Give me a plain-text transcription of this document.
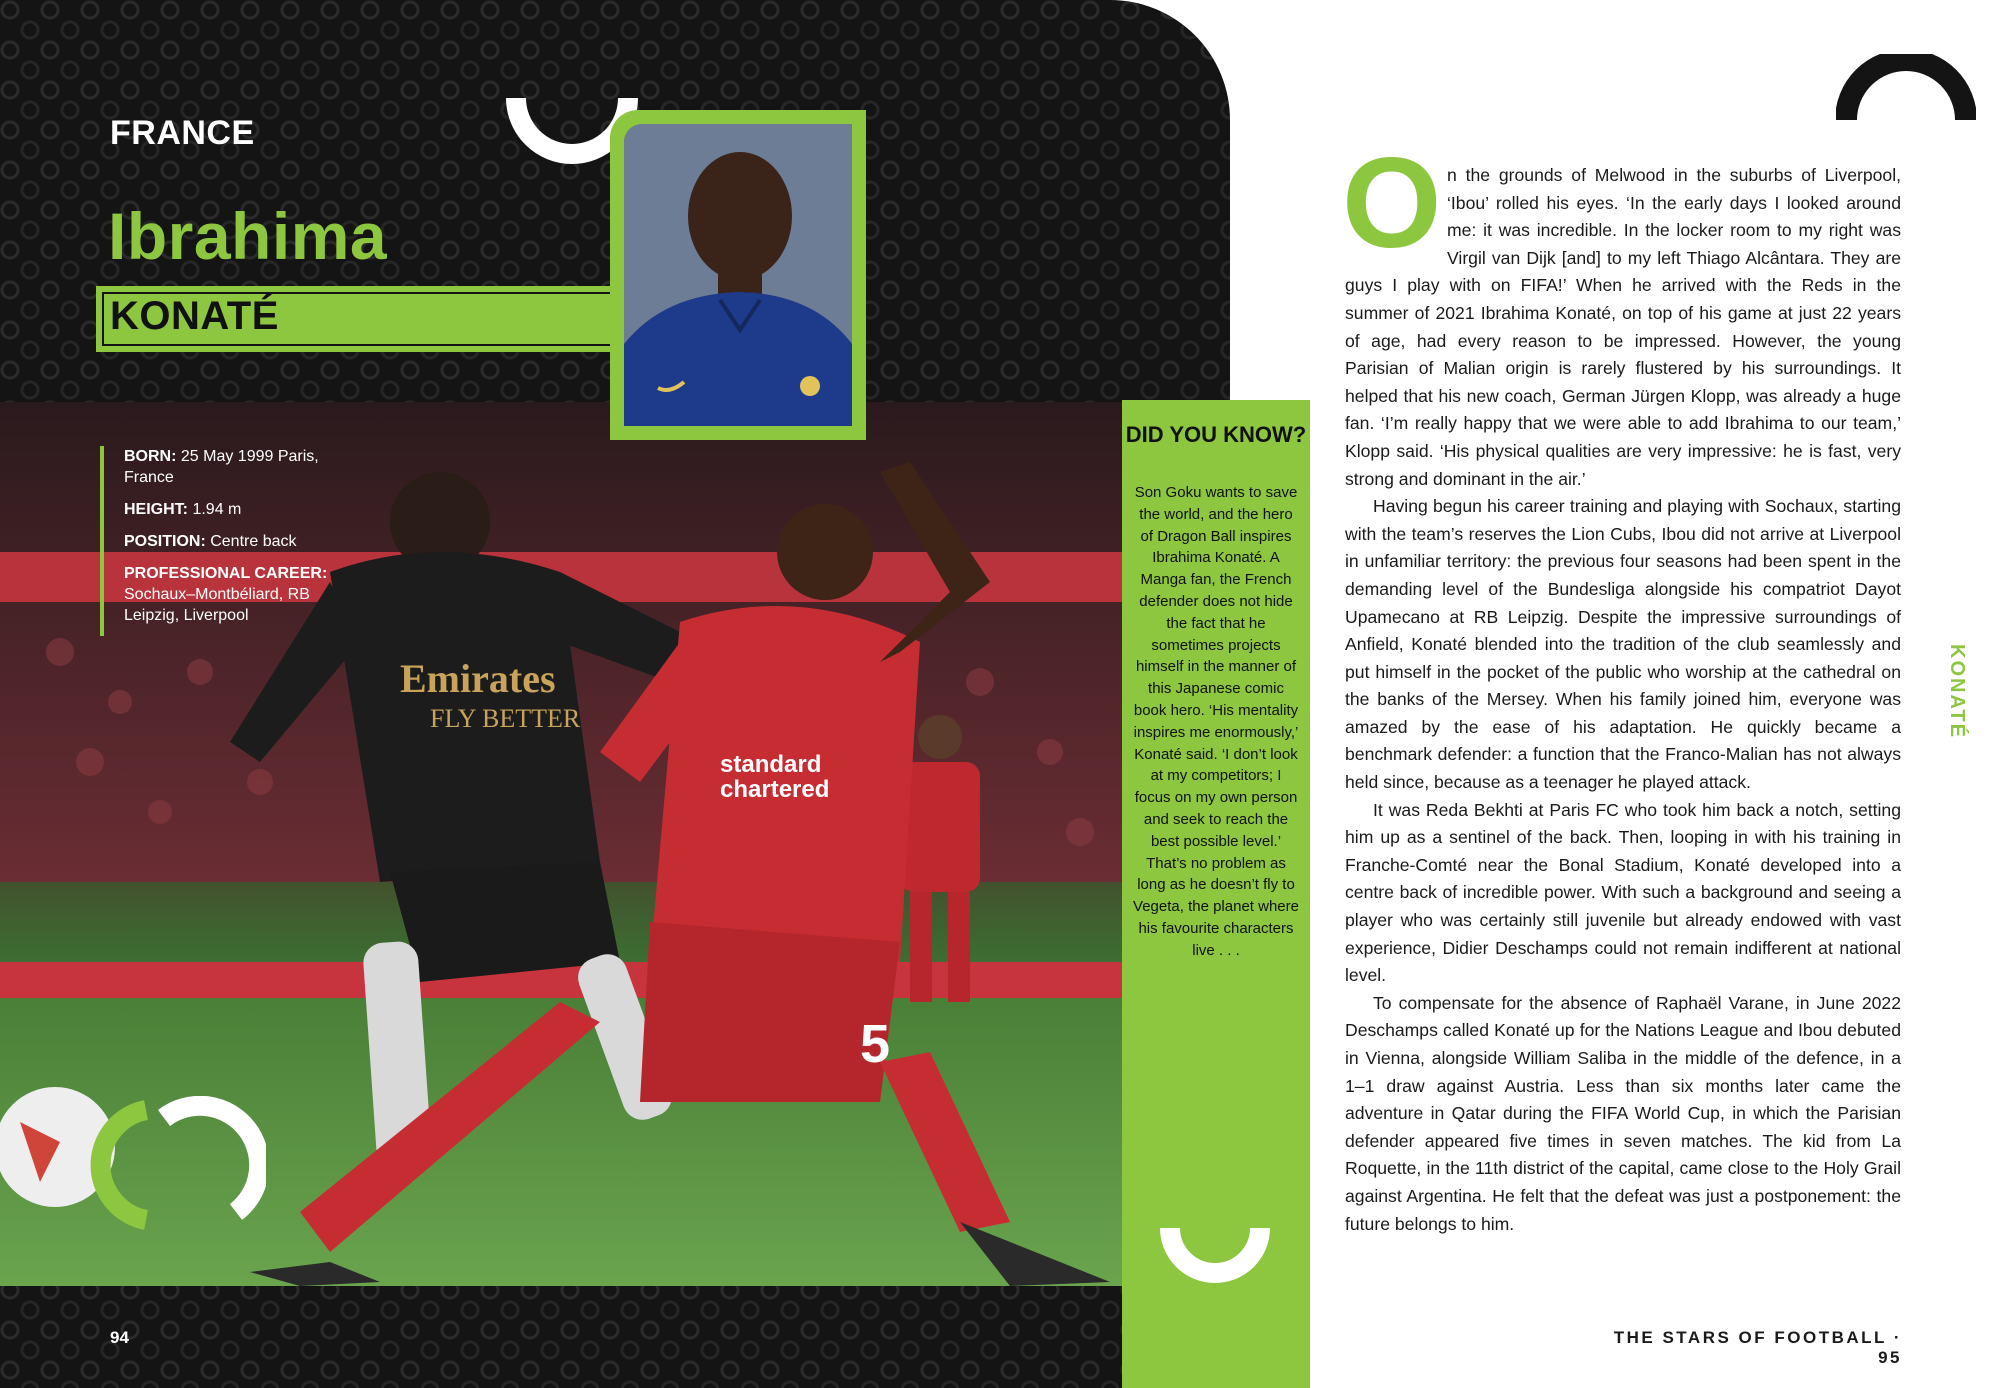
Emirates
FLY BETTER
5
standard
chartered
FRANCE
Ibrahima
KONATÉ
BORN: 25 May 1999 Paris, France
HEIGHT: 1.94 m
POSITION: Centre back
PROFESSIONAL CAREER: Sochaux–Montbéliard, RB Leipzig, Liverpool
94
DID YOU KNOW?
Son Goku wants to save the world, and the hero of Dragon Ball inspires Ibrahima Konaté. A Manga fan, the French defender does not hide the fact that he sometimes projects himself in the manner of this Japanese comic book hero. ‘His mentality inspires me enormously,’ Konaté said. ‘I don’t look at my competitors; I focus on my own person and seek to reach the best possible level.’ That’s no problem as long as he doesn’t fly to Vegeta, the planet where his favourite characters live . . .
O n the grounds of Melwood in the suburbs of Liverpool, ‘Ibou’ rolled his eyes. ‘In the early days I looked around me: it was incredible. In the locker room to my right was Virgil van Dijk [and] to my left Thiago Alcântara. They are guys I play with on FIFA!’ When he arrived with the Reds in the summer of 2021 Ibrahima Konaté, on top of his game at just 22 years of age, had every reason to be impressed. However, the young Parisian of Malian origin is rarely flustered by his surroundings. It helped that his new coach, German Jürgen Klopp, was already a huge fan. ‘I’m really happy that we were able to add Ibrahima to our team,’ Klopp said. ‘His physical qualities are very impressive: he is fast, very strong and dominant in the air.’

Having begun his career training and playing with Sochaux, starting with the team’s reserves the Lion Cubs, Ibou did not arrive at Liverpool in unfamiliar territory: the previous four seasons had been spent in the demanding level of the Bundesliga alongside his compatriot Dayot Upamecano at RB Leipzig. Despite the impressive surroundings of Anfield, Konaté blended into the tradition of the club seamlessly and put himself in the pocket of the public who worship at the cathedral on the banks of the Mersey. When his family joined him, everyone was amazed by the ease of his adaptation. He quickly became a benchmark defender: a function that the Franco-Malian has not always held since, because as a teenager he played attack.

It was Reda Bekhti at Paris FC who took him back a notch, setting him up as a sentinel of the back. Then, looping in with his training in Franche-Comté near the Bonal Stadium, Konaté developed into a centre back of incredible power. With such a background and seeing a player who was certainly still juvenile but already endowed with vast experience, Didier Deschamps could not remain indifferent at national level.

To compensate for the absence of Raphaël Varane, in June 2022 Deschamps called Konaté up for the Nations League and Ibou debuted in Vienna, alongside William Saliba in the middle of the defence, in a 1–1 draw against Austria. Less than six months later came the adventure in Qatar during the FIFA World Cup, in which the Parisian defender appeared five times in seven matches. The kid from La Roquette, in the 11th district of the capital, came close to the Holy Grail against Argentina. He felt that the defeat was just a postponement: the future belongs to him.

KONATÉ
THE STARS OF FOOTBALL · 95
